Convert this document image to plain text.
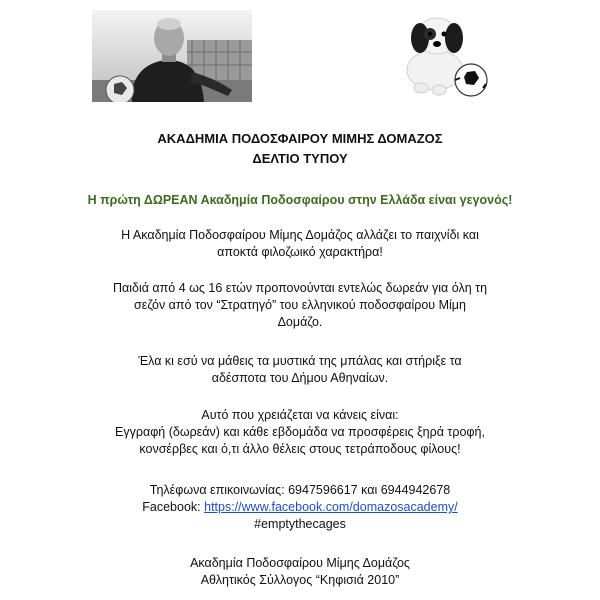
ΑΚΑΔΗΜΙΑ ΠΟΔΟΣΦΑΙΡΟΥ ΜΙΜΗΣ ΔΟΜΑΖΟΣ
ΔΕΛΤΙΟ ΤΥΠΟΥ
Η πρώτη ΔΩΡΕΑΝ Ακαδημία Ποδοσφαίρου στην Ελλάδα είναι γεγονός!
Η Ακαδημία Ποδοσφαίρου Μίμης Δομάζος αλλάζει το παιχνίδι και
αποκτά φιλοζωικό χαρακτήρα!
Παιδιά από 4 ως 16 ετών προπονούνται εντελώς δωρεάν για όλη τη
σεζόν από τον “Στρατηγό” του ελληνικού ποδοσφαίρου Μίμη
Δομάζο.
Έλα κι εσύ να μάθεις τα μυστικά της μπάλας και στήριξε τα
αδέσποτα του Δήμου Αθηναίων.
Αυτό που χρειάζεται να κάνεις είναι:
Εγγραφή (δωρεάν) και κάθε εβδομάδα να προσφέρεις ξηρά τροφή,
κονσέρβες και ό,τι άλλο θέλεις στους τετράποδους φίλους!
Τηλέφωνα επικοινωνίας: 6947596617 και 6944942678
Facebook: https://www.facebook.com/domazosacademy/
#emptythecages
Ακαδημία Ποδοσφαίρου Μίμης Δομάζος
Αθλητικός Σύλλογος “Κηφισιά 2010”
